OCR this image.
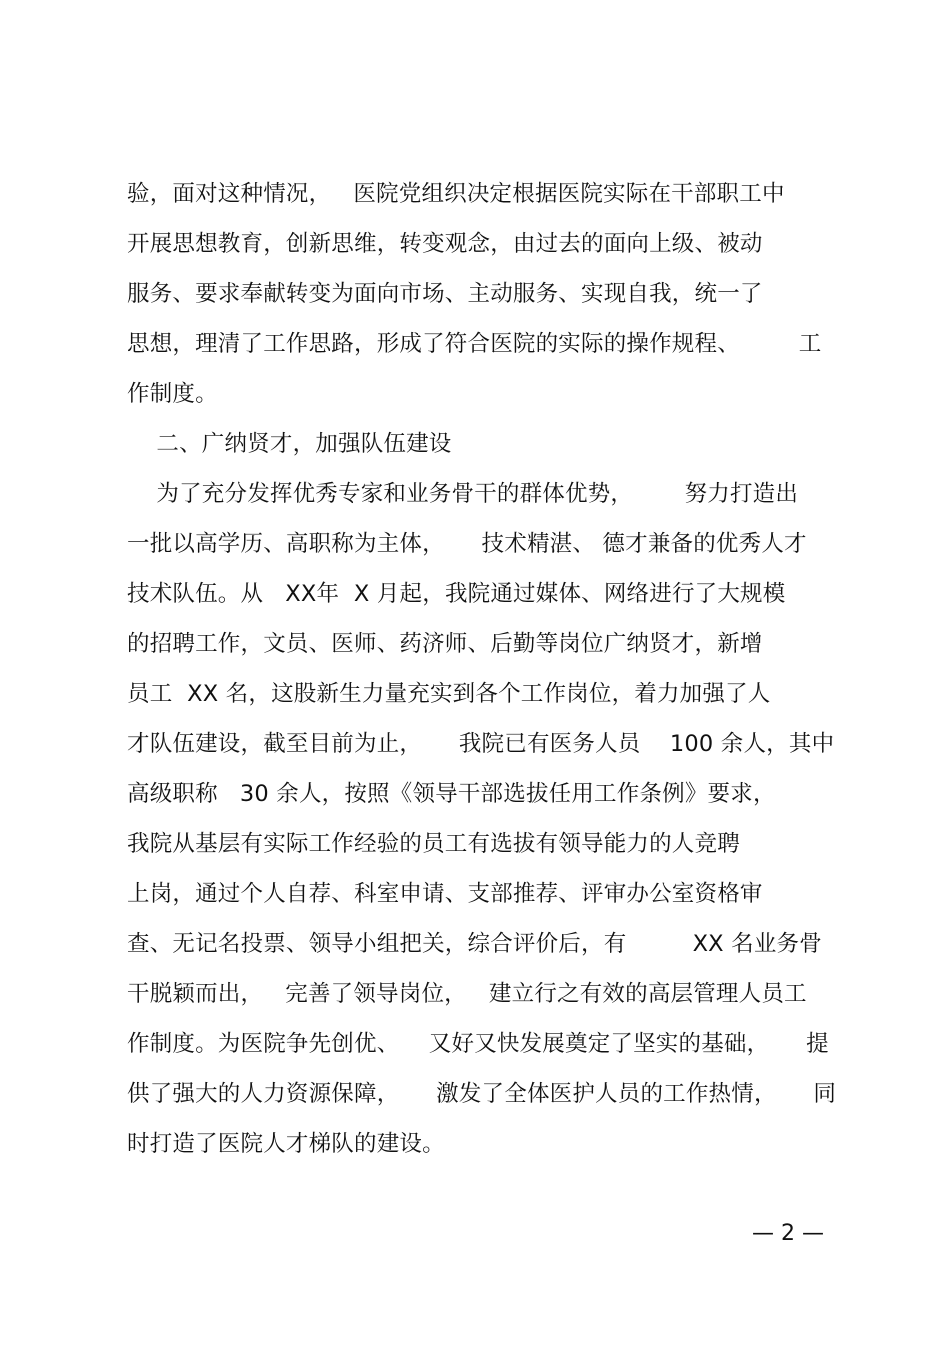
验，面对这种情况，   医院党组织决定根据医院实际在干部职工中
开展思想教育，创新思维，转变观念，由过去的面向上级、被动
服务、要求奉献转变为面向市场、主动服务、实现自我，统一了
思想，理清了工作思路，形成了符合医院的实际的操作规程、        工
作制度。
二、广纳贤才，加强队伍建设
为了充分发挥优秀专家和业务骨干的群体优势，       努力打造出
一批以高学历、高职称为主体，     技术精湛、 德才兼备的优秀人才
技术队伍。从   XX年  X 月起，我院通过媒体、网络进行了大规模
的招聘工作，文员、医师、药济师、后勤等岗位广纳贤才，新增
员工  XX 名，这股新生力量充实到各个工作岗位，着力加强了人
才队伍建设，截至目前为止，     我院已有医务人员    100 余人，其中
高级职称   30 余人，按照《领导干部选拔任用工作条例》要求，
我院从基层有实际工作经验的员工有选拔有领导能力的人竞聘
上岗，通过个人自荐、科室申请、支部推荐、评审办公室资格审
查、无记名投票、领导小组把关，综合评价后，有         XX 名业务骨
干脱颖而出，   完善了领导岗位，   建立行之有效的高层管理人员工
作制度。为医院争先创优、    又好又快发展奠定了坚实的基础，     提
供了强大的人力资源保障，     激发了全体医护人员的工作热情，     同
时打造了医院人才梯队的建设。
— 2 —
